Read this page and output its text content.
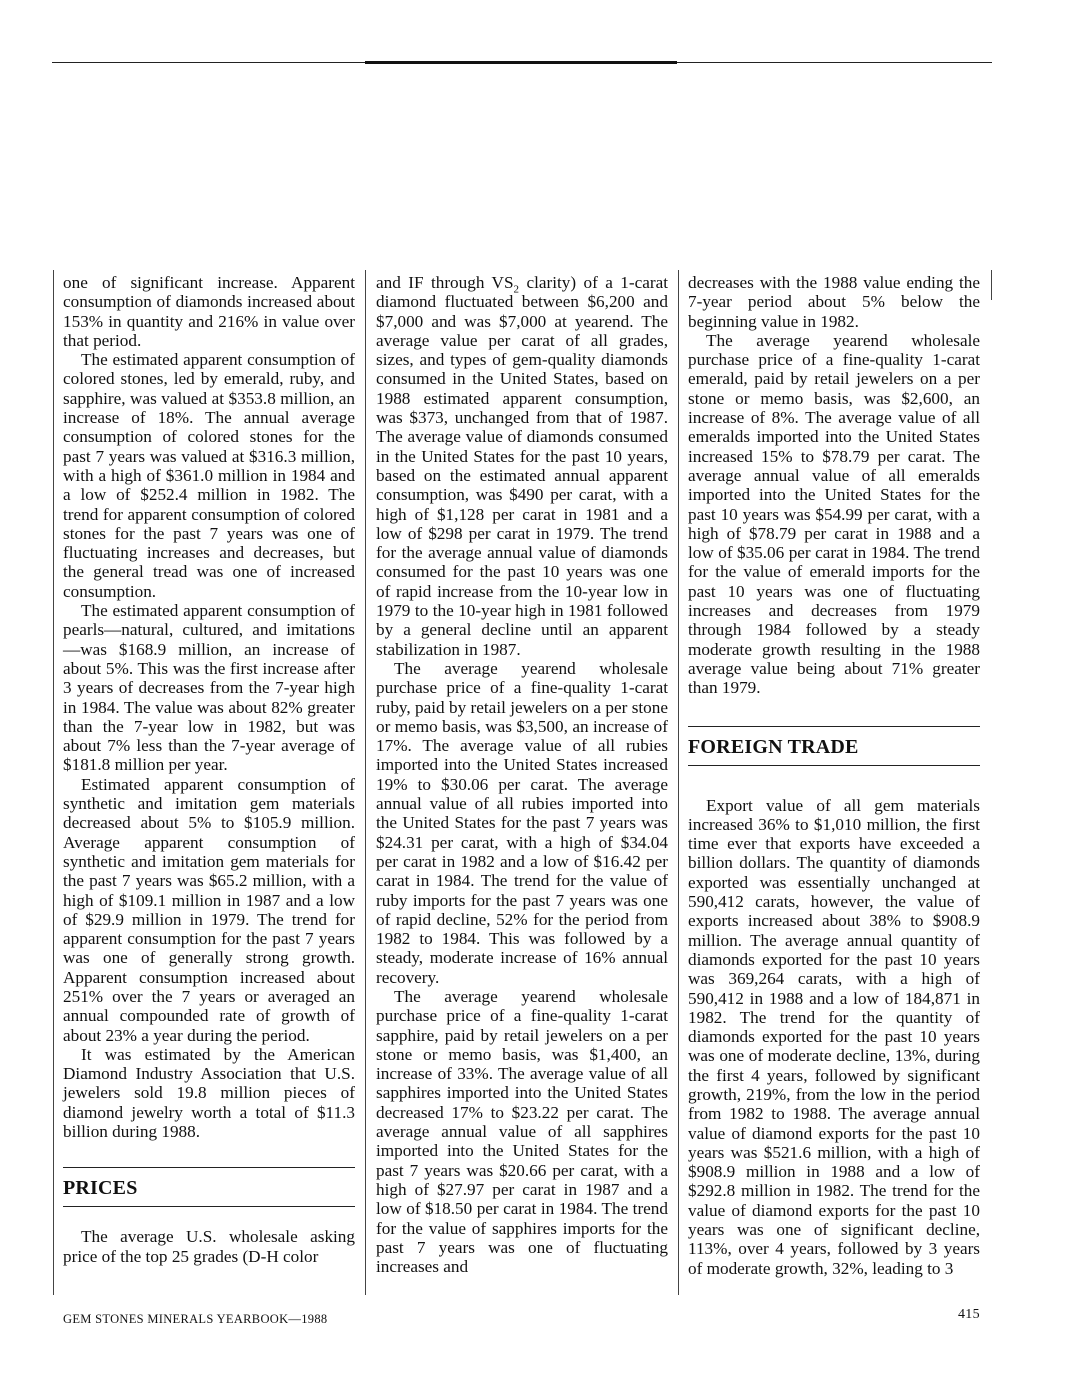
one of significant increase. Apparent consumption of diamonds increased about 153% in quantity and 216% in value over that period.

The estimated apparent consumption of colored stones, led by emerald, ruby, and sapphire, was valued at $353.8 million, an increase of 18%. The annual average consumption of colored stones for the past 7 years was valued at $316.3 million, with a high of $361.0 million in 1984 and a low of $252.4 million in 1982. The trend for apparent consumption of colored stones for the past 7 years was one of fluctuating increases and decreases, but the general tread was one of increased consumption.

The estimated apparent consumption of pearls—natural, cultured, and imitations—was $168.9 million, an increase of about 5%. This was the first increase after 3 years of decreases from the 7-year high in 1984. The value was about 82% greater than the 7-year low in 1982, but was about 7% less than the 7-year average of $181.8 million per year.

Estimated apparent consumption of synthetic and imitation gem materials decreased about 5% to $105.9 million. Average apparent consumption of synthetic and imitation gem materials for the past 7 years was $65.2 million, with a high of $109.1 million in 1987 and a low of $29.9 million in 1979. The trend for apparent consumption for the past 7 years was one of generally strong growth. Apparent consumption increased about 251% over the 7 years or averaged an annual compounded rate of growth of about 23% a year during the period.

It was estimated by the American Diamond Industry Association that U.S. jewelers sold 19.8 million pieces of diamond jewelry worth a total of $11.3 billion during 1988.

PRICES

The average U.S. wholesale asking price of the top 25 grades (D-H color

and IF through $VS_2$ clarity) of a 1-carat diamond fluctuated between $6,200 and $7,000 and was $7,000 at yearend. The average value per carat of all grades, sizes, and types of gem-quality diamonds consumed in the United States, based on 1988 estimated apparent consumption, was $373, unchanged from that of 1987. The average value of diamonds consumed in the United States for the past 10 years, based on the estimated annual apparent consumption, was $490 per carat, with a high of $1,128 per carat in 1981 and a low of $298 per carat in 1979. The trend for the average annual value of diamonds consumed for the past 10 years was one of rapid increase from the 10-year low in 1979 to the 10-year high in 1981 followed by a general decline until an apparent stabilization in 1987.

The average yearend wholesale purchase price of a fine-quality 1-carat ruby, paid by retail jewelers on a per stone or memo basis, was $3,500, an increase of 17%. The average value of all rubies imported into the United States increased 19% to $30.06 per carat. The average annual value of all rubies imported into the United States for the past 7 years was $24.31 per carat, with a high of $34.04 per carat in 1982 and a low of $16.42 per carat in 1984. The trend for the value of ruby imports for the past 7 years was one of rapid decline, 52% for the period from 1982 to 1984. This was followed by a steady, moderate increase of 16% annual recovery.

The average yearend wholesale purchase price of a fine-quality 1-carat sapphire, paid by retail jewelers on a per stone or memo basis, was $1,400, an increase of 33%. The average value of all sapphires imported into the United States decreased 17% to $23.22 per carat. The average annual value of all sapphires imported into the United States for the past 7 years was $20.66 per carat, with a high of $27.97 per carat in 1987 and a low of $18.50 per carat in 1984. The trend for the value of sapphires imports for the past 7 years was one of fluctuating increases and

decreases with the 1988 value ending the 7-year period about 5% below the beginning value in 1982.

The average yearend wholesale purchase price of a fine-quality 1-carat emerald, paid by retail jewelers on a per stone or memo basis, was $2,600, an increase of 8%. The average value of all emeralds imported into the United States increased 15% to $78.79 per carat. The average annual value of all emeralds imported into the United States for the past 10 years was $54.99 per carat, with a high of $78.79 per carat in 1988 and a low of $35.06 per carat in 1984. The trend for the value of emerald imports for the past 10 years was one of fluctuating increases and decreases from 1979 through 1984 followed by a steady moderate growth resulting in the 1988 average value being about 71% greater than 1979.

FOREIGN TRADE

Export value of all gem materials increased 36% to $1,010 million, the first time ever that exports have exceeded a billion dollars. The quantity of diamonds exported was essentially unchanged at 590,412 carats, however, the value of exports increased about 38% to $908.9 million. The average annual quantity of diamonds exported for the past 10 years was 369,264 carats, with a high of 590,412 in 1988 and a low of 184,871 in 1982. The trend for the quantity of diamonds exported for the past 10 years was one of moderate decline, 13%, during the first 4 years, followed by significant growth, 219%, from the low in the period from 1982 to 1988. The average annual value of diamond exports for the past 10 years was $521.6 million, with a high of $908.9 million in 1988 and a low of $292.8 million in 1982. The trend for the value of diamond exports for the past 10 years was one of significant decline, 113%, over 4 years, followed by 3 years of moderate growth, 32%, leading to 3

GEM STONES MINERALS YEARBOOK—1988	415
